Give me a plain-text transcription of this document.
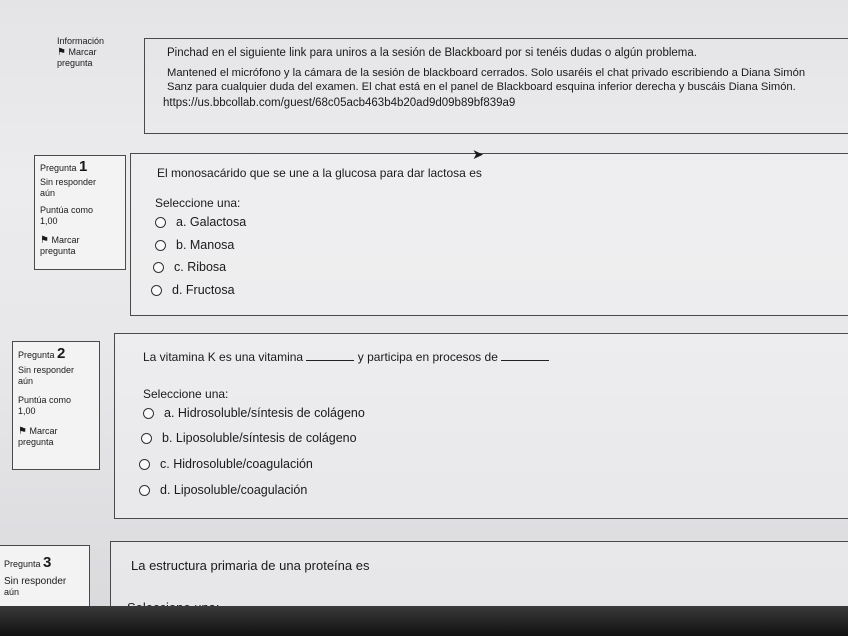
Información
⚑ Marcar
pregunta
Pinchad en el siguiente link para uniros a la sesión de Blackboard por si tenéis dudas o algún problema.
Mantened el micrófono y la cámara de la sesión de blackboard cerrados. Solo usaréis el chat privado escribiendo a Diana Simón
Sanz para cualquier duda del examen. El chat está en el panel de Blackboard esquina inferior derecha y buscáis Diana Simón.
https://us.bbcollab.com/guest/68c05acb463b4b20ad9d09b89bf839a9
Pregunta 1
Sin responder
aún
Puntúa como
1,00
⚑ Marcar
pregunta
El monosacárido que se une a la glucosa para dar lactosa es
Seleccione una:
a. Galactosa
b. Manosa
c. Ribosa
d. Fructosa
Pregunta 2
Sin responder
aún
Puntúa como
1,00
⚑ Marcar
pregunta
La vitamina K es una vitamina	y participa en procesos de
Seleccione una:
a. Hidrosoluble/síntesis de colágeno
b. Liposoluble/síntesis de colágeno
c. Hidrosoluble/coagulación
d. Liposoluble/coagulación
Pregunta 3
Sin responder
aún
La estructura primaria de una proteína es
➤
